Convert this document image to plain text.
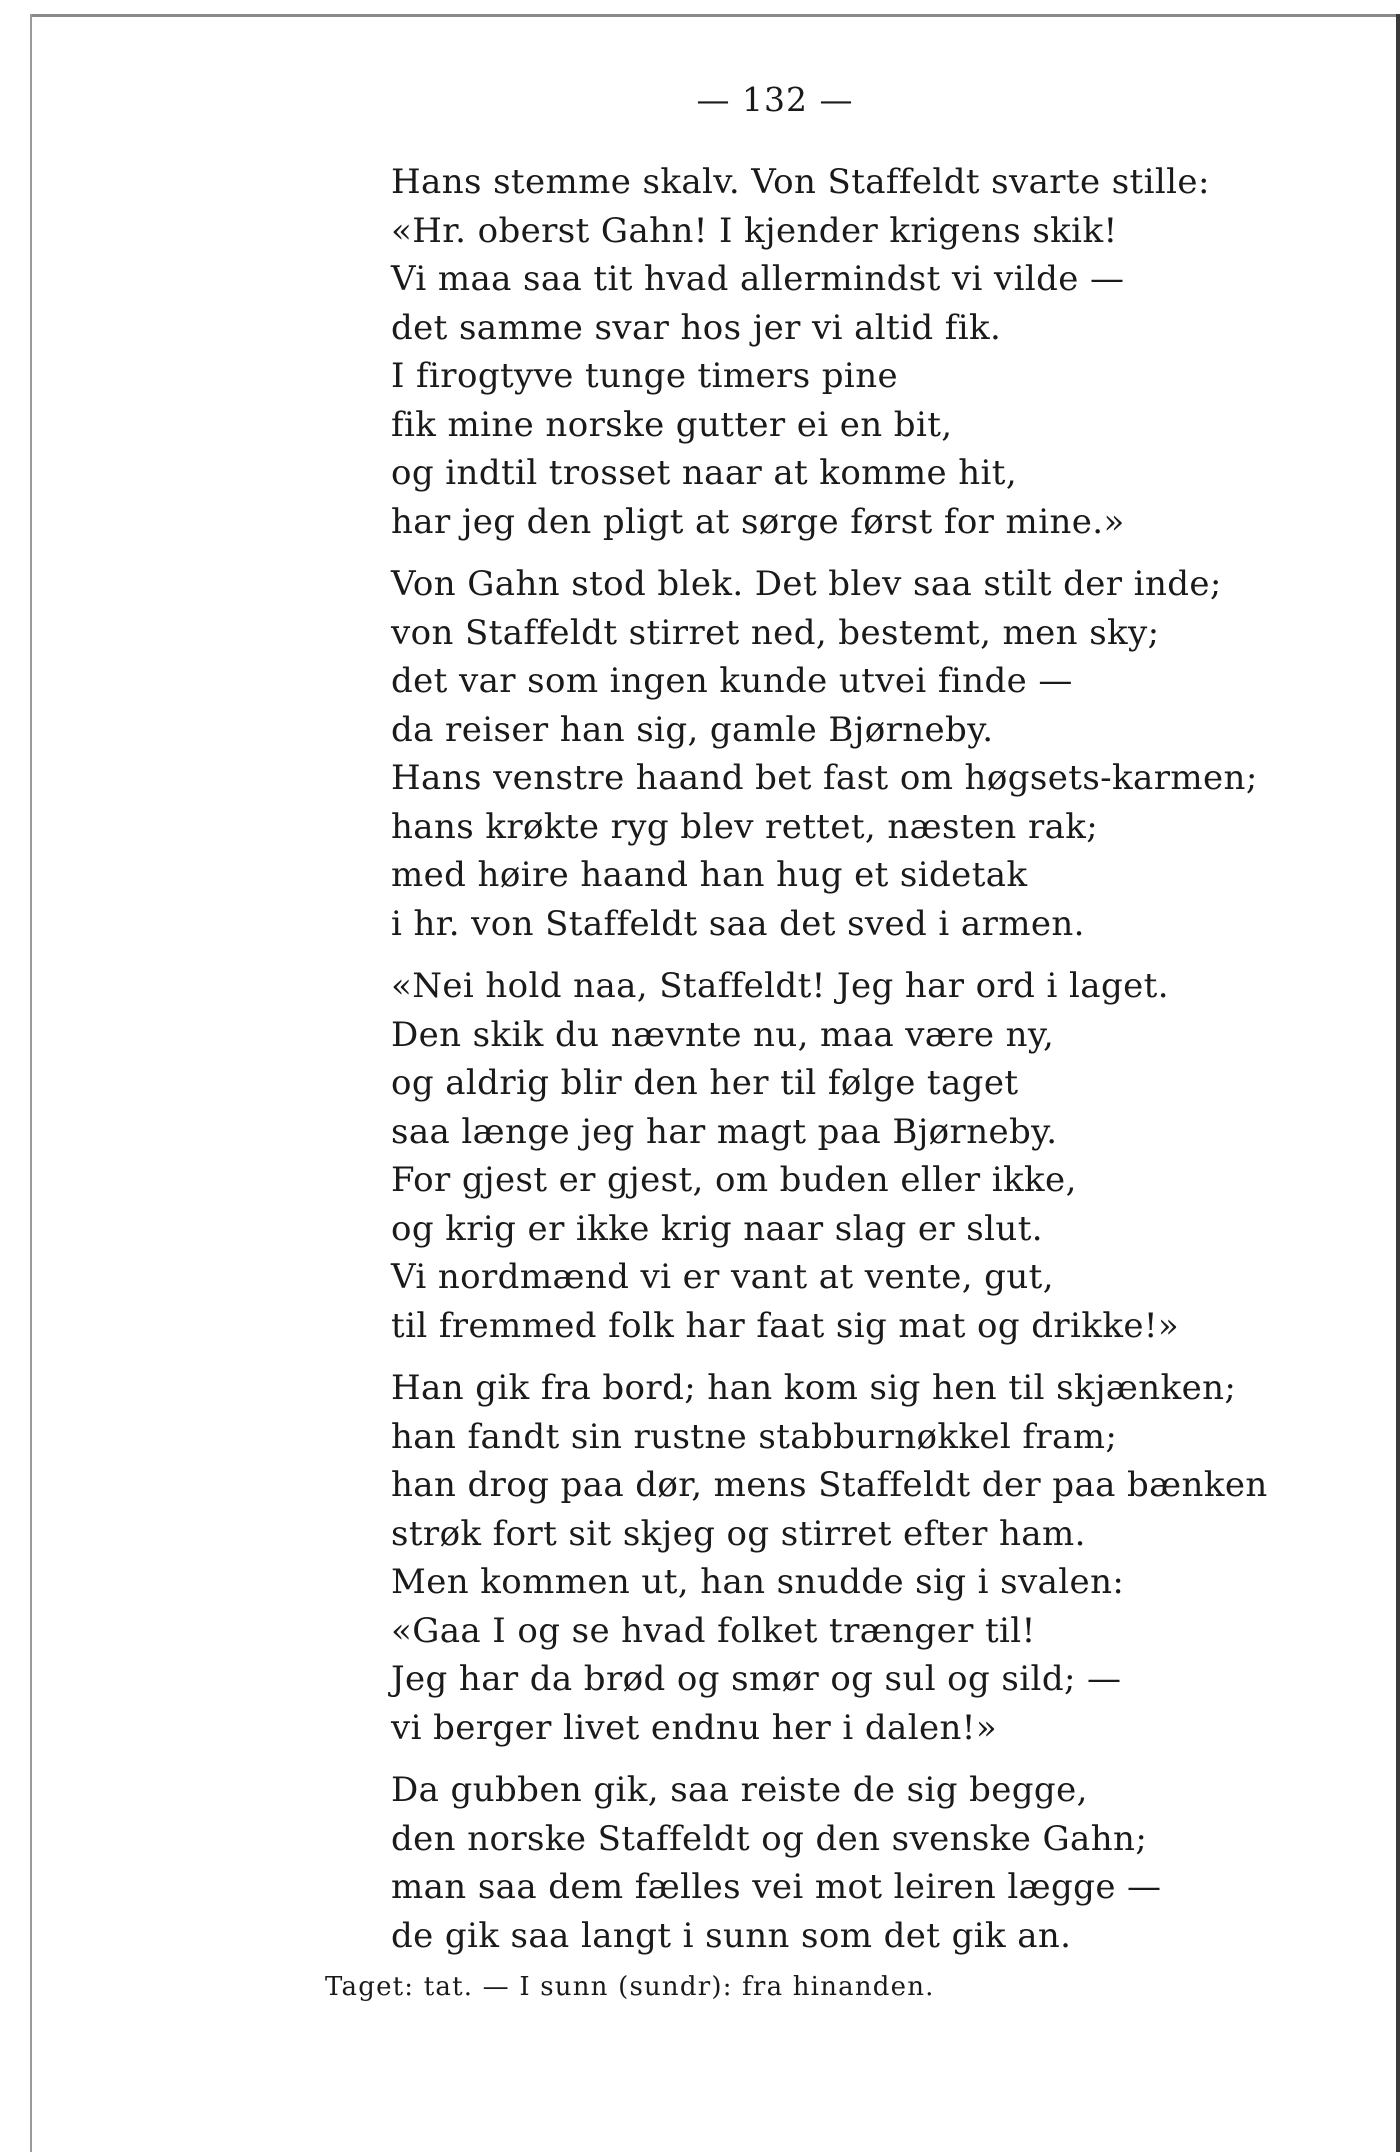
— 132 —
Hans stemme skalv. Von Staffeldt svarte stille:
«Hr. oberst Gahn! I kjender krigens skik!
Vi maa saa tit hvad allermindst vi vilde —
det samme svar hos jer vi altid fik.
I firogtyve tunge timers pine
fik mine norske gutter ei en bit,
og indtil trosset naar at komme hit,
har jeg den pligt at sørge først for mine.»
Von Gahn stod blek. Det blev saa stilt der inde;
von Staffeldt stirret ned, bestemt, men sky;
det var som ingen kunde utvei finde —
da reiser han sig, gamle Bjørneby.
Hans venstre haand bet fast om høgsets-karmen;
hans krøkte ryg blev rettet, næsten rak;
med høire haand han hug et sidetak
i hr. von Staffeldt saa det sved i armen.
«Nei hold naa, Staffeldt! Jeg har ord i laget.
Den skik du nævnte nu, maa være ny,
og aldrig blir den her til følge taget
saa længe jeg har magt paa Bjørneby.
For gjest er gjest, om buden eller ikke,
og krig er ikke krig naar slag er slut.
Vi nordmænd vi er vant at vente, gut,
til fremmed folk har faat sig mat og drikke!»
Han gik fra bord; han kom sig hen til skjænken;
han fandt sin rustne stabburnøkkel fram;
han drog paa dør, mens Staffeldt der paa bænken
strøk fort sit skjeg og stirret efter ham.
Men kommen ut, han snudde sig i svalen:
«Gaa I og se hvad folket trænger til!
Jeg har da brød og smør og sul og sild; —
vi berger livet endnu her i dalen!»
Da gubben gik, saa reiste de sig begge,
den norske Staffeldt og den svenske Gahn;
man saa dem fælles vei mot leiren lægge —
de gik saa langt i sunn som det gik an.
Taget: tat. — I sunn (sundr): fra hinanden.
